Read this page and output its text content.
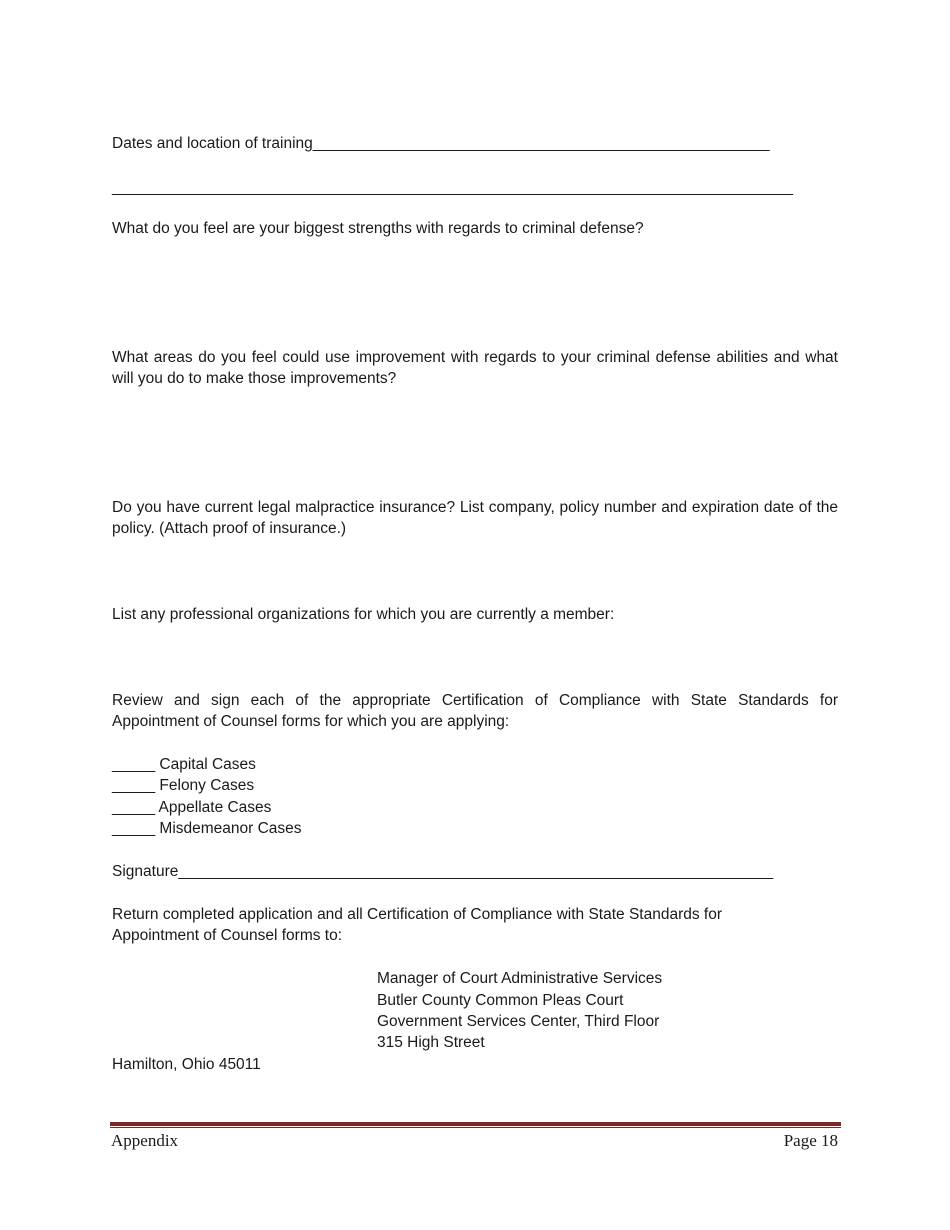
Dates and location of training_____________________________________________________

_______________________________________________________________________________

What do you feel are your biggest strengths with regards to criminal defense?

What areas do you feel could use improvement with regards to your criminal defense abilities and what will you do to make those improvements?

Do you have current legal malpractice insurance? List company, policy number and expiration date of the policy. (Attach proof of insurance.)

List any professional organizations for which you are currently a member:

Review and sign each of the appropriate Certification of Compliance with State Standards for Appointment of Counsel forms for which you are applying:

_____ Capital Cases

_____ Felony Cases

_____ Appellate Cases

_____ Misdemeanor Cases

Signature_____________________________________________________________________

Return completed application and all Certification of Compliance with State Standards for Appointment of Counsel forms to:

Manager of Court Administrative Services

Butler County Common Pleas Court

Government Services Center, Third Floor

315 High Street

Hamilton, Ohio 45011

Appendix	Page 18
